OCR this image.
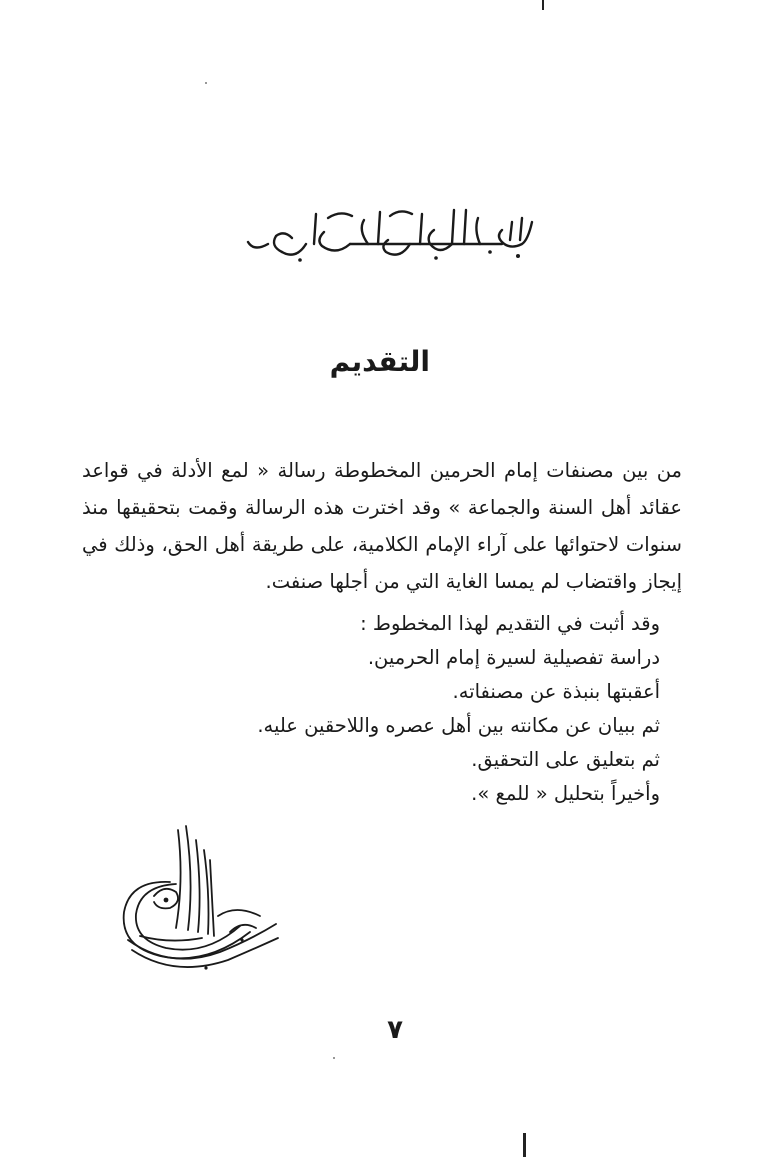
التقديم

من بين مصنفات إمام الحرمين المخطوطة رسالة « لمع الأدلة في قواعد عقائد أهل السنة والجماعة » وقد اخترت هذه الرسالة وقمت بتحقيقها منذ سنوات لاحتوائها على آراء الإمام الكلامية، على طريقة أهل الحق، وذلك في إيجاز واقتضاب لم يمسا الغاية التي من أجلها صنفت.

وقد أثبت في التقديم لهذا المخطوط :
دراسة تفصيلية لسيرة إمام الحرمين.
أعقبتها بنبذة عن مصنفاته.
ثم ببيان عن مكانته بين أهل عصره واللاحقين عليه.
ثم بتعليق على التحقيق.
وأخيراً بتحليل « للمع ».

٧
